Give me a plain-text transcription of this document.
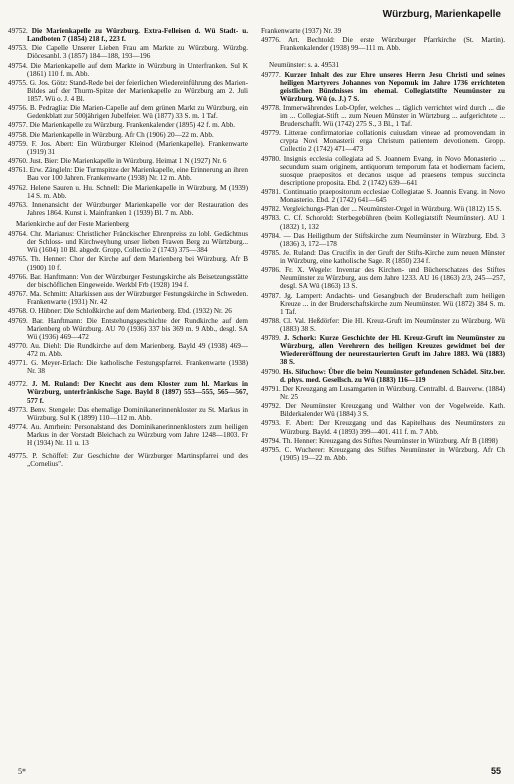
Würzburg, Marienkapelle
49752. Die Marienkapelle zu Würzburg. Extra-Felleisen d. Wü Stadt- u. Landboten 7 (1854) 218 f., 223 f.
49753. Die Capelle Unserer Lieben Frau am Markte zu Würzburg. Würzbg. Diöcesanbl. 3 (1857) 184—188, 193—196
49754. Die Marienkapelle auf dem Markte in Würzburg in Unterfranken. Sul K (1861) 110 f. m. Abb.
49755. G. Jos. Götz: Stand-Rede bei der feierlichen Wiedereinführung des Marien-Bildes auf der Thurm-Spitze der Marienkapelle zu Würzburg am 2. Juli 1857. Wü o. J. 4 Bl.
49756. B. Pedraglia: Die Marien-Capelle auf dem grünen Markt zu Würzburg, ein Gedenkblatt zur 500jährigen Jubelfeier. Wü (1877) 33 S. m. 1 Taf.
49757. Die Marienkapelle zu Würzburg. Frankenkalender (1895) 42 f. m. Abb.
49758. Die Marienkapelle in Würzburg. Afr Ch (1906) 20—22 m. Abb.
49759. F. Jos. Abert: Ein Würzburger Kleinod (Marienkapelle). Frankenwarte (1919) 31
49760. Just. Bier: Die Marienkapelle in Würzburg. Heimat 1 N (1927) Nr. 6
49761. Erw. Zängleln: Die Turmspitze der Marienkapelle, eine Erinnerung an ihren Bau vor 100 Jahren. Frankenwarte (1938) Nr. 12 m. Abb.
49762. Helene Sauren u. Hu. Schnell: Die Marienkapelle in Würzburg. M (1939) 14 S. m. Abb.
49763. Innenansicht der Würzburger Marienkapelle vor der Restauration des Jahres 1864. Kunst i. Mainfranken 1 (1939) Bl. 7 m. Abb.
Marienkirche auf der Feste Marienberg
49764. Chr. Marianus: Christlicher Fränckischer Ehrenpreiss zu lobl. Gedächtnus der Schloss- und Kirchweyhung unser lieben Frawen Berg zu Würtzburg... Wü (1604) 10 Bl. abgedr. Gropp, Collectio 2 (1743) 375—384
49765. Th. Henner: Chor der Kirche auf dem Marienberg bei Würzburg. Afr B (1900) 10 f.
49766. Bar. Hanftmann: Von der Würzburger Festungskirche als Beisetzungsstätte der bischöflichen Eingeweide. Werkbl Frb (1928) 194 f.
49767. Ma. Schmitt: Altarkissen aus der Würzburger Festungskirche in Schweden. Frankenwarte (1931) Nr. 42
49768. O. Hübner: Die Schloßkirche auf dem Marienberg. Ebd. (1932) Nr. 26
49769. Bar. Hanftmann: Die Entstehungsgeschichte der Rundkirche auf dem Marienberg ob Würzburg. AU 70 (1936) 337 bis 369 m. 9 Abb., desgl. SA Wü (1936) 469—472
49770. Au. Diehl: Die Rundkirche auf dem Marienberg. Bayld 49 (1938) 469—472 m. Abb.
49771. G. Meyer-Erlach: Die katholische Festungspfarrei. Frankenwarte (1938) Nr. 38
49772. J. M. Ruland: Der Knecht aus dem Kloster zum hl. Markus in Würzburg, unterfränkische Sage. Bayld 8 (1897) 553—555, 565—567, 577 f.
49773. Benv. Stengele: Das ehemalige Dominikanerinnenkloster zu St. Markus in Würzburg. Sul K (1899) 110—112 m. Abb.
49774. Au. Amrhein: Personalstand des Dominikanerinnenklosters zum heiligen Markus in der Vorstadt Bleichach zu Würzburg vom Jahre 1248—1803. Fr H (1934) Nr. 11 u. 13
49775. P. Schöffel: Zur Geschichte der Würzburger Martinspfarrei und des „Cornelius".
Frankenwarte (1937) Nr. 39
49776. Art. Bechtold: Die erste Würzburger Pfarrkirche (St. Martin). Frankenkalender (1938) 99—111 m. Abb.
Neumünster: s. a. 49531
49777. Kurzer Inhalt des zur Ehre unseres Herrn Jesu Christi und seines heiligen Martyrers Johannes von Nepomuk im Jahre 1736 errichteten geistlichen Bündnisses im ehemal. Collegiatstifte Neumünster zu Würzburg. Wü (o. J.) 7 S.
49778. Immerwährendes Lob-Opfer, welches ... täglich verrichtet wird durch ... die im ... Collegiat-Stift ... zum Neuen Münster in Würtzburg ... aufgerichtete ... Bruderschafft. Wü (1742) 275 S., 3 Bl., 1 Taf.
49779. Litterae confirmatoriae collationis cuiusdam vineae ad promovendam in crypta Novi Monasterii erga Christum patientem devotionem. Gropp. Collectio 2 (1742) 471—473
49780. Insignis ecclesia collegiata ad S. Joannem Evang. in Novo Monasterio ... secundum suam originem, antiquorum temporum fata et hodiernam faciem, suosque praepositos et decanos usque ad praesens tempus succincta descriptione proposita. Ebd. 2 (1742) 639—641
49781. Continuatio praepositorum ecclesiae Collegiatae S. Joannis Evang. in Novo Monasterio. Ebd. 2 (1742) 641—645
49782. Vergleichungs-Plan der ... Neumünster-Orgel in Würzburg. Wü (1812) 15 S.
49783. C. Cf. Schorold: Sterbegebühren (beim Kollegiatstift Neumünster). AU 1 (1832) 1, 132
49784. — Das Heiligthum der Stiftskirche zum Neumünster in Würzburg. Ebd. 3 (1836) 3, 172—178
49785. Je. Ruland: Das Crucifix in der Gruft der Stifts-Kirche zum neuen Münster in Würzburg, eine katholische Sage. R (1850) 234 f.
49786. Fr. X. Wegele: Inventar des Kirchen- und Bücherschatzes des Stiftes Neumünster zu Würzburg, aus dem Jahre 1233. AU 16 (1863) 2/3, 245—257, desgl. SA Wü (1863) 13 S.
49787. Jg. Lampert: Andachts- und Gesangbuch der Bruderschaft zum heiligen Kreuze ... in der Bruderschaftskirche zum Neumünster. Wü (1872) 384 S. m. 1 Taf.
49788. Cl. Val. Heßdörfer: Die Hl. Kreuz-Gruft im Neumünster zu Würzburg. Wü (1883) 38 S.
49789. J. Schork: Kurze Geschichte der Hl. Kreuz-Gruft im Neumünster zu Würzburg, allen Verehrern des heiligen Kreuzes gewidmet bei der Wiedereröffnung der neurestaurierten Gruft im Jahre 1883. Wü (1883) 38 S.
49790. Hs. Sifuchow: Über die beim Neumünster gefundenen Schädel. Sitz.ber. d. phys. med. Gesellsch. zu Wü (1883) 116—119
49791. Der Kreuzgang am Lusamgarten in Würzburg. Centralbl. d. Bauverw. (1884) Nr. 25
49792. Der Neumünster Kreuzgang und Walther von der Vogelweide. Kath. Bilderkalender Wü (1884) 3 S.
49793. F. Abert: Der Kreuzgang und das Kapitelhaus des Neumünsters zu Würzburg. Bayld. 4 (1893) 399—401. 411 f. m. 7 Abb.
49794. Th. Henner: Kreuzgang des Stiftes Neumünster in Würzburg. Afr B (1898)
49795. C. Wucherer: Kreuzgang des Stiftes Neumünster in Würzburg. Afr Ch (1905) 19—22 m. Abb.
5*	55
